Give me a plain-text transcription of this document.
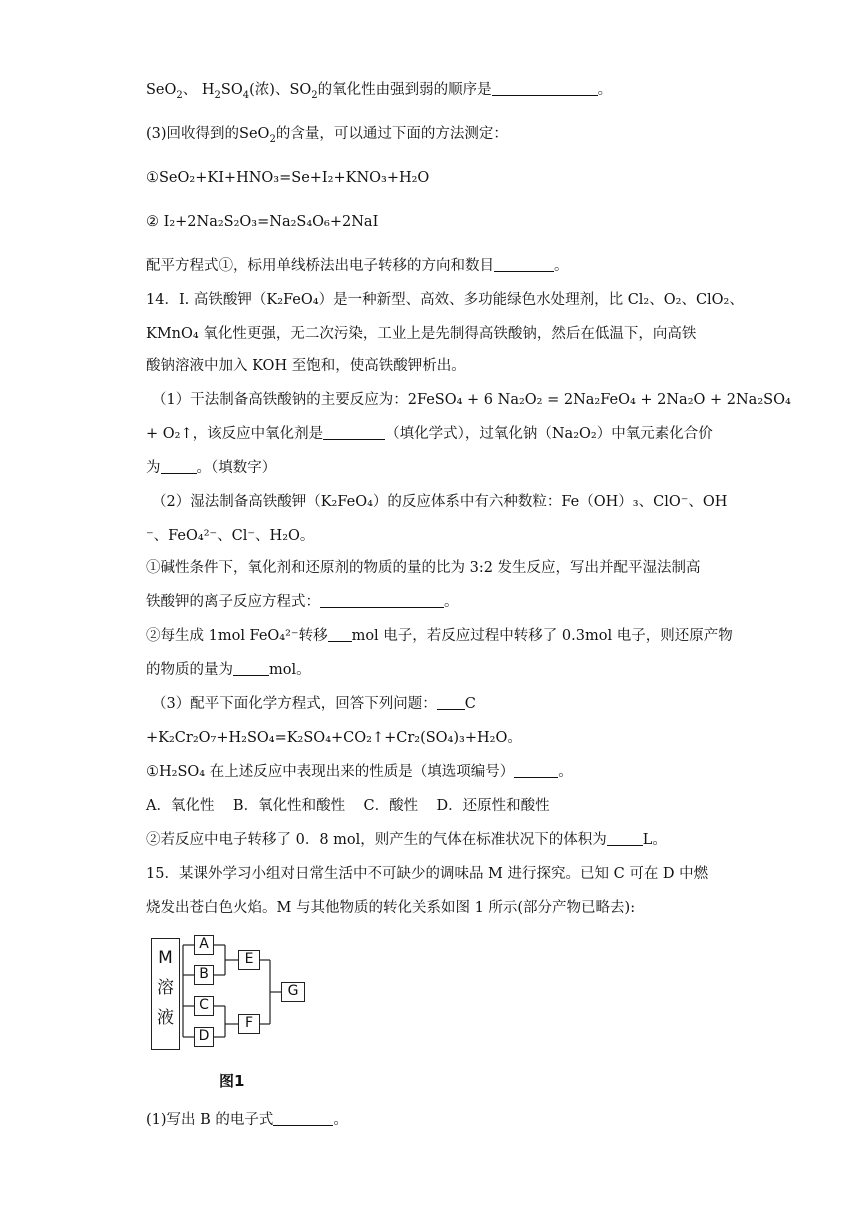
SeO$_2$、 $H_2SO_4$(浓)、$SO_2$的氧化性由强到弱的顺序是	。
(3)回收得到的SeO$_2$的含量，可以通过下面的方法测定：
①SeO₂+KI+HNO₃=Se+I₂+KNO₃+H₂O
② I₂+2Na₂S₂O₃=Na₂S₄O₆+2NaI
配平方程式①，标用单线桥法出电子转移的方向和数目	。
14．I. 高铁酸钾（K₂FeO₄）是一种新型、高效、多功能绿色水处理剂，比 Cl₂、O₂、ClO₂、
KMnO₄ 氧化性更强，无二次污染，工业上是先制得高铁酸钠，然后在低温下，向高铁
酸钠溶液中加入 KOH 至饱和，使高铁酸钾析出。
（1）干法制备高铁酸钠的主要反应为：2FeSO₄ + 6 Na₂O₂ = 2Na₂FeO₄ + 2Na₂O + 2Na₂SO₄
+ O₂↑，该反应中氧化剂是	（填化学式），过氧化钠（Na₂O₂）中氧元素化合价
为 。（填数字）
（2）湿法制备高铁酸钾（K₂FeO₄）的反应体系中有六种数粒：Fe（OH）₃、ClO⁻、OH
⁻、FeO₄²⁻、Cl⁻、H₂O。
①碱性条件下，氧化剂和还原剂的物质的量的比为 3:2 发生反应，写出并配平湿法制高
铁酸钾的离子反应方程式：	。
②每生成 1mol FeO₄²⁻转移 mol 电子，若反应过程中转移了 0.3mol 电子，则还原产物
的物质的量为 mol。
（3）配平下面化学方程式，回答下列问题： C
+K₂Cr₂O₇+H₂SO₄=K₂SO₄+CO₂↑+Cr₂(SO₄)₃+H₂O。
①H₂SO₄ 在上述反应中表现出来的性质是（填选项编号）	。
A．氧化性    B．氧化性和酸性    C．酸性    D．还原性和酸性
②若反应中电子转移了 0．8 mol，则产生的气体在标准状况下的体积为 L。
15．某课外学习小组对日常生活中不可缺少的调味品 M 进行探究。已知 C 可在 D 中燃
烧发出苍白色火焰。M 与其他物质的转化关系如图 1 所示(部分产物已略去):
M
溶
液
A
B
C
D
E
F
G
图1
(1)写出 B 的电子式	。
